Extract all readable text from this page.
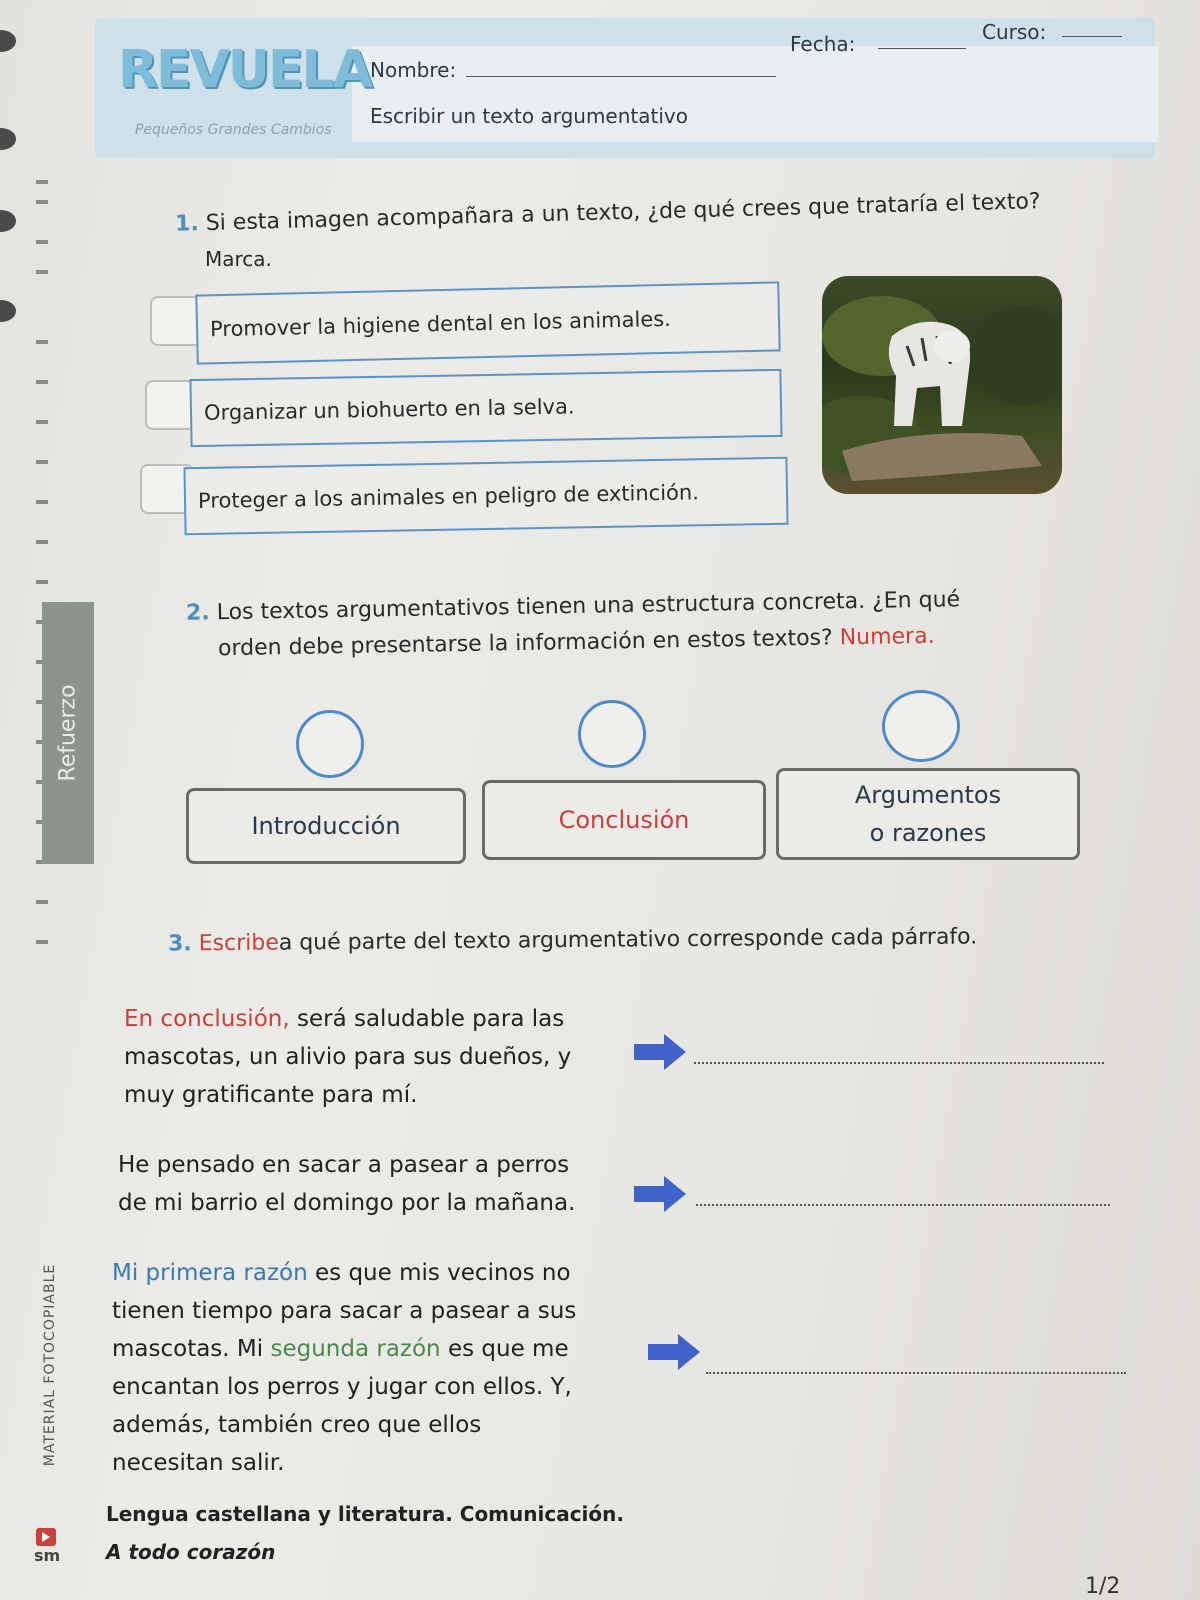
REVUELA
Pequeños Grandes Cambios
Nombre:
Fecha:	Curso:
Escribir un texto argumentativo
1. Si esta imagen acompañara a un texto, ¿de qué crees que trataría el texto?
Marca.
Promover la higiene dental en los animales.
Organizar un biohuerto en la selva.
Proteger a los animales en peligro de extinción.
2. Los textos argumentativos tienen una estructura concreta. ¿En qué
orden debe presentarse la información en estos textos? Numera.
Refuerzo
Introducción	Conclusión
Argumentos
o razones
3. Escribea qué parte del texto argumentativo corresponde cada párrafo.
En conclusión, será saludable para las
mascotas, un alivio para sus dueños, y
muy gratificante para mí.
He pensado en sacar a pasear a perros
de mi barrio el domingo por la mañana.
Mi primera razón es que mis vecinos no
tienen tiempo para sacar a pasear a sus
mascotas. Mi segunda razón es que me
encantan los perros y jugar con ellos. Y,
además, también creo que ellos
necesitan salir.
MATERIAL FOTOCOPIABLE
Lengua castellana y literatura. Comunicación.
A todo corazón
sm
1/2
